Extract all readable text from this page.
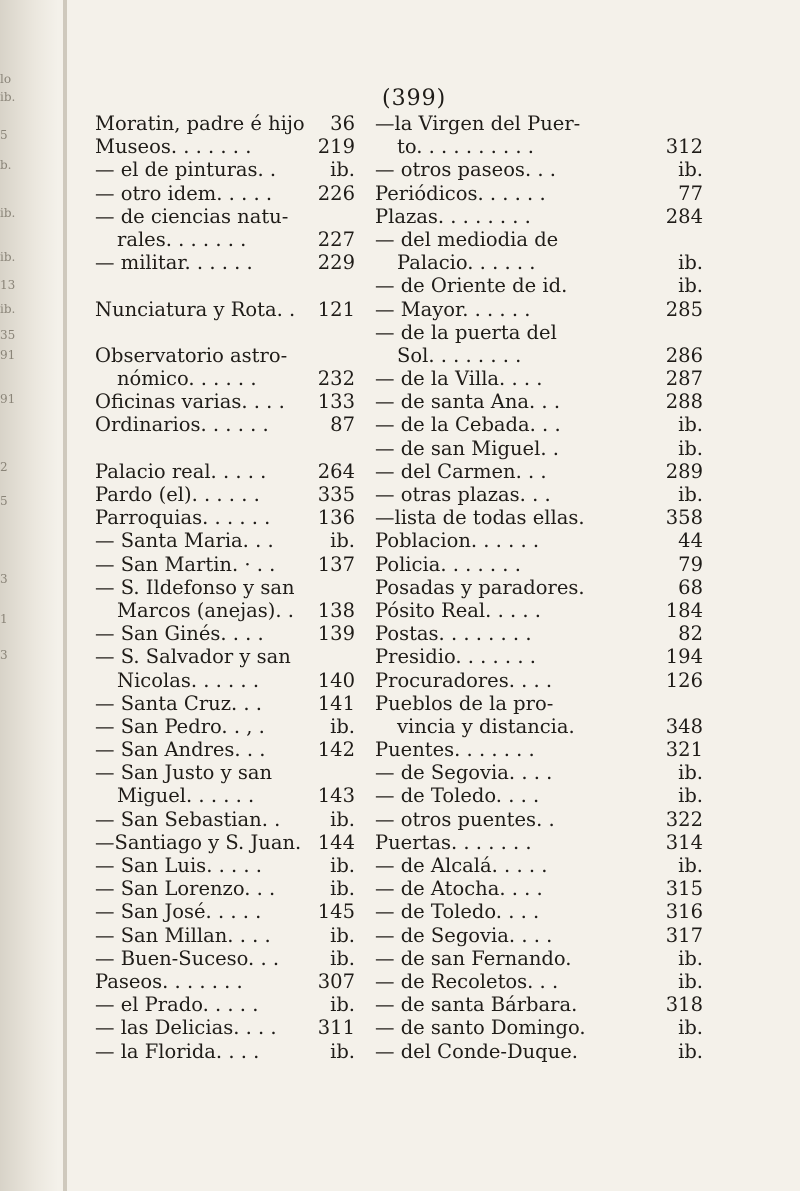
lo
ib.
5
b.
ib.
ib.
13
ib.
35
91
91
2
5
3
1
3
(399)
Moratin, padre é hijo 36
Museos. . . . . . .	219
— el de pinturas. .	ib.
— otro idem. . . . . 226
— de ciencias natu-
rales. . . . . . .	227
— militar. . . . . .	229
Nunciatura y Rota. . 121
Observatorio astro-
nómico. . . . . .	232
Oficinas varias. . . . 133
Ordinarios. . . . . .	87
Palacio real. . . . .	264
Pardo (el). . . . . .	335
Parroquias. . . . . . 136
— Santa Maria. . .	ib.
— San Martin. · . . 137
— S. Ildefonso y san
Marcos (anejas). . 138
— San Ginés. . . .	139
— S. Salvador y san
Nicolas. . . . . .	140
— Santa Cruz. . .	141
— San Pedro. . , .	ib.
— San Andres. . .	142
— San Justo y san
Miguel. . . . . .	143
— San Sebastian. .	ib.
—Santiago y S. Juan. 144
— San Luis. . . . .	ib.
— San Lorenzo. . .	ib.
— San José. . . . .	145
— San Millan. . . .	ib.
— Buen-Suceso. . .	ib.
Paseos. . . . . . .	307
— el Prado. . . . .	ib.
— las Delicias. . . . 311
— la Florida. . . .	ib.
—la Virgen del Puer-
to. . . . . . . . . .	312
— otros paseos. . .	ib.
Periódicos. . . . . .	77
Plazas. . . . . . . .	284
— del mediodia de
Palacio. . . . . .	ib.
— de Oriente de id.	ib.
— Mayor. . . . . .	285
— de la puerta del
Sol. . . . . . . .	286
— de la Villa. . . .	287
— de santa Ana. . .	288
— de la Cebada. . .	ib.
— de san Miguel. .	ib.
— del Carmen. . .	289
— otras plazas. . .	ib.
—lista de todas ellas.	358
Poblacion. . . . . .	44
Policia. . . . . . .	79
Posadas y paradores.	68
Pósito Real. . . . .	184
Postas. . . . . . . .	82
Presidio. . . . . . .	194
Procuradores. . . .	126
Pueblos de la pro-
vincia y distancia.	348
Puentes. . . . . . .	321
— de Segovia. . . .	ib.
— de Toledo. . . .	ib.
— otros puentes. .	322
Puertas. . . . . . .	314
— de Alcalá. . . . .	ib.
— de Atocha. . . .	315
— de Toledo. . . .	316
— de Segovia. . . .	317
— de san Fernando.	ib.
— de Recoletos. . .	ib.
— de santa Bárbara.	318
— de santo Domingo.	ib.
— del Conde-Duque.	ib.
